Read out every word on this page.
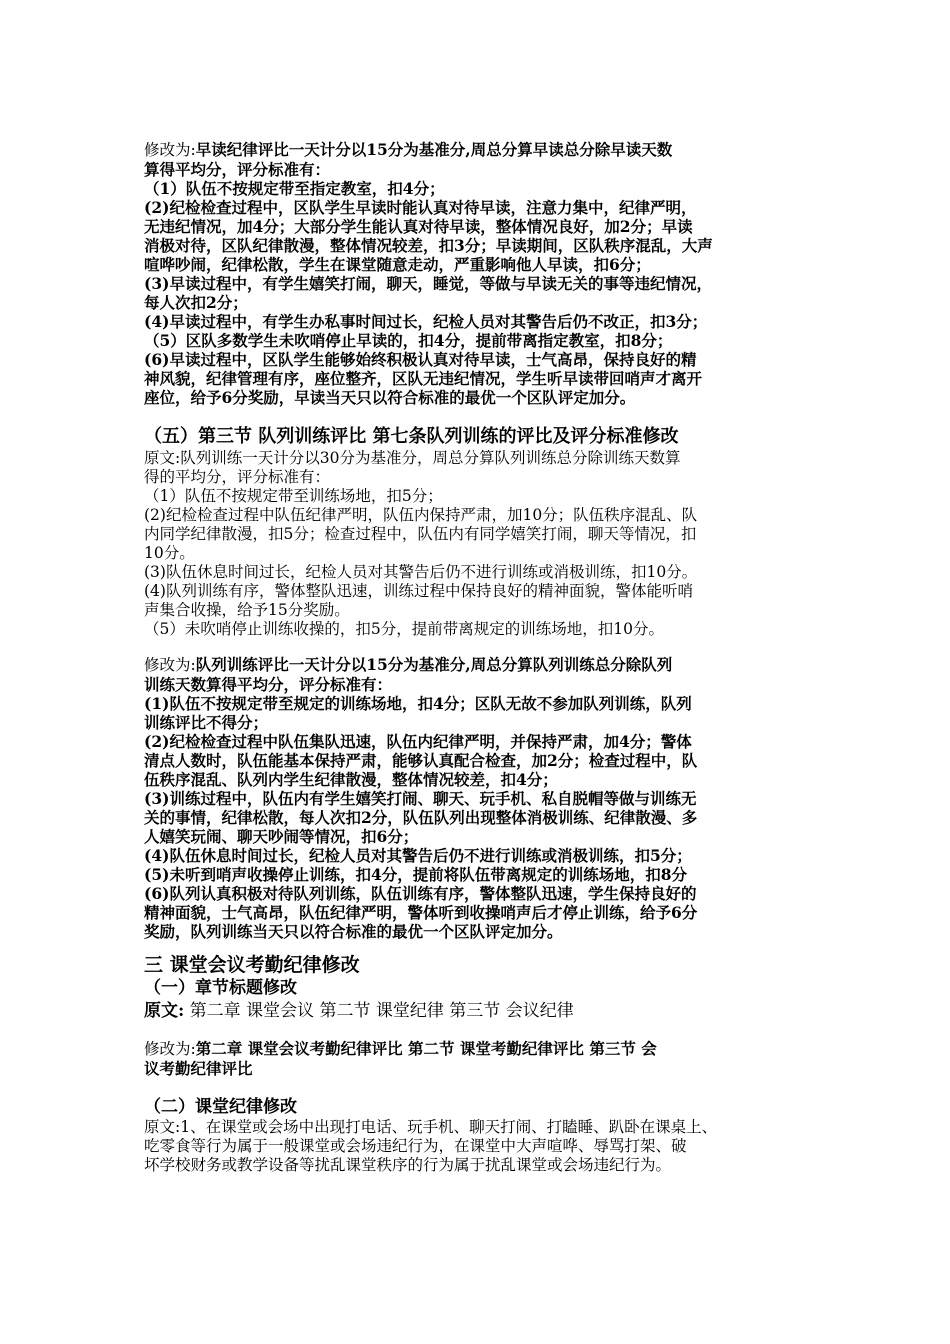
修改为:早读纪律评比一天计分以15分为基准分,周总分算早读总分除早读天数
算得平均分，评分标准有：
（1）队伍不按规定带至指定教室，扣4分；
(2)纪检检查过程中，区队学生早读时能认真对待早读，注意力集中，纪律严明，
无违纪情况，加4分；大部分学生能认真对待早读，整体情况良好，加2分；早读
消极对待，区队纪律散漫，整体情况较差，扣3分；早读期间，区队秩序混乱，大声
喧哗吵闹，纪律松散，学生在课堂随意走动，严重影响他人早读，扣6分；
(3)早读过程中，有学生嬉笑打闹，聊天，睡觉，等做与早读无关的事等违纪情况，
每人次扣2分；
(4)早读过程中，有学生办私事时间过长，纪检人员对其警告后仍不改正，扣3分；
（5）区队多数学生未吹哨停止早读的，扣4分，提前带离指定教室，扣8分；
(6)早读过程中，区队学生能够始终积极认真对待早读，士气高昂，保持良好的精
神风貌，纪律管理有序，座位整齐，区队无违纪情况，学生听早读带回哨声才离开
座位，给予6分奖励，早读当天只以符合标准的最优一个区队评定加分。
（五）第三节 队列训练评比 第七条队列训练的评比及评分标准修改
原文:队列训练一天计分以30分为基准分，周总分算队列训练总分除训练天数算
得的平均分，评分标准有：
（1）队伍不按规定带至训练场地，扣5分；
(2)纪检检查过程中队伍纪律严明，队伍内保持严肃，加10分；队伍秩序混乱、队
内同学纪律散漫，扣5分；检查过程中，队伍内有同学嬉笑打闹，聊天等情况，扣
10分。
(3)队伍休息时间过长，纪检人员对其警告后仍不进行训练或消极训练，扣10分。
(4)队列训练有序，警体整队迅速，训练过程中保持良好的精神面貌，警体能听哨
声集合收操，给予15分奖励。
（5）未吹哨停止训练收操的，扣5分，提前带离规定的训练场地，扣10分。
修改为:队列训练评比一天计分以15分为基准分,周总分算队列训练总分除队列
训练天数算得平均分，评分标准有：
(1)队伍不按规定带至规定的训练场地，扣4分；区队无故不参加队列训练，队列
训练评比不得分；
(2)纪检检查过程中队伍集队迅速，队伍内纪律严明，并保持严肃，加4分；警体
清点人数时，队伍能基本保持严肃，能够认真配合检查，加2分；检查过程中，队
伍秩序混乱、队列内学生纪律散漫，整体情况较差，扣4分；
(3)训练过程中，队伍内有学生嬉笑打闹、聊天、玩手机、私自脱帽等做与训练无
关的事情，纪律松散，每人次扣2分，队伍队列出现整体消极训练、纪律散漫、多
人嬉笑玩闹、聊天吵闹等情况，扣6分；
(4)队伍休息时间过长，纪检人员对其警告后仍不进行训练或消极训练，扣5分；
(5)未听到哨声收操停止训练，扣4分，提前将队伍带离规定的训练场地，扣8分
(6)队列认真积极对待队列训练，队伍训练有序，警体整队迅速，学生保持良好的
精神面貌，士气高昂，队伍纪律严明，警体听到收操哨声后才停止训练，给予6分
奖励，队列训练当天只以符合标准的最优一个区队评定加分。
三 课堂会议考勤纪律修改
（一）章节标题修改
原文: 第二章 课堂会议 第二节 课堂纪律 第三节 会议纪律
修改为:第二章 课堂会议考勤纪律评比 第二节 课堂考勤纪律评比 第三节 会
议考勤纪律评比
（二）课堂纪律修改
原文:1、在课堂或会场中出现打电话、玩手机、聊天打闹、打瞌睡、趴卧在课桌上、
吃零食等行为属于一般课堂或会场违纪行为，在课堂中大声喧哗、辱骂打架、破
坏学校财务或教学设备等扰乱课堂秩序的行为属于扰乱课堂或会场违纪行为。
